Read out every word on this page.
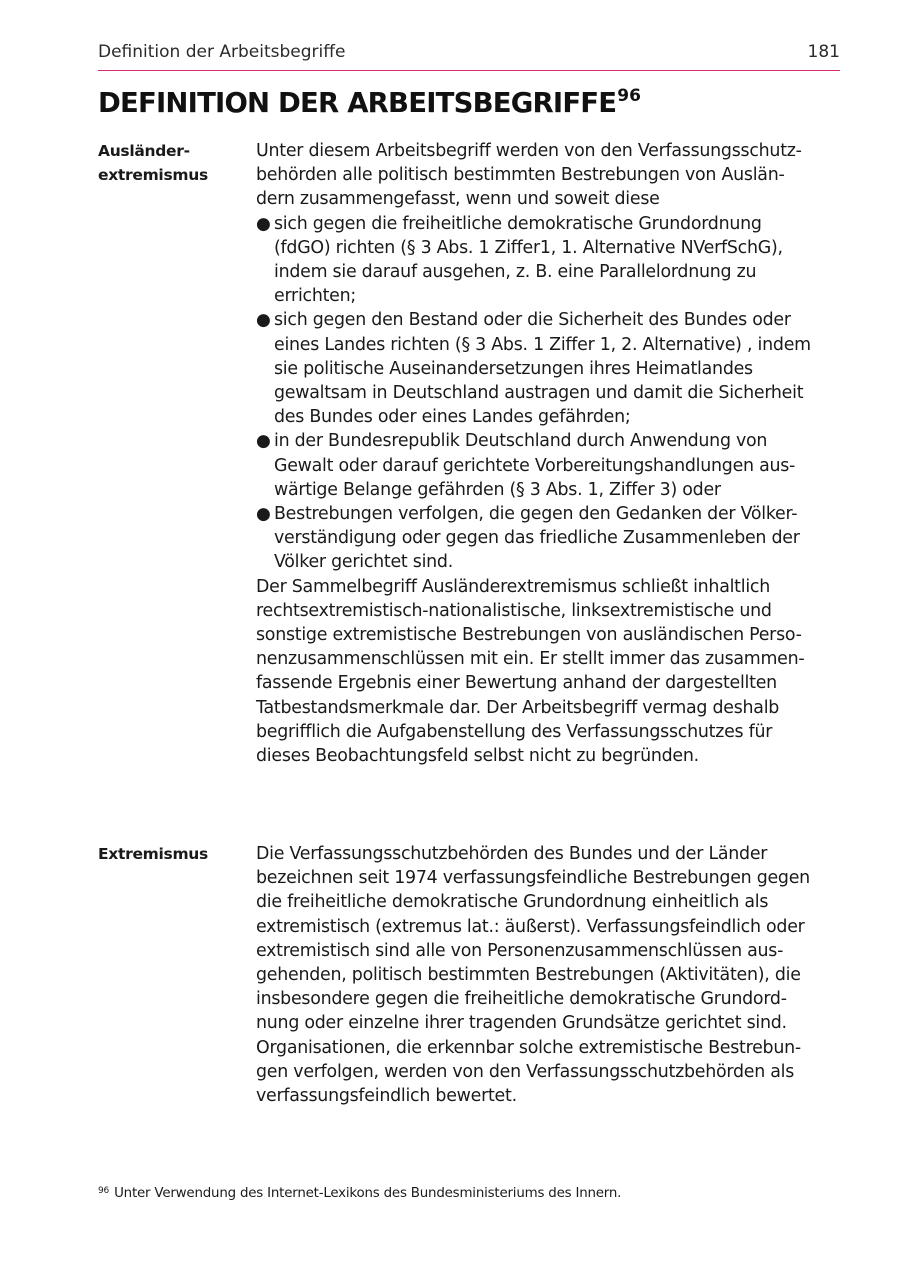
Definition der Arbeitsbegriffe	181
DEFINITION DER ARBEITSBEGRIFFE$^{96}$
Ausländer-
extremismus
Unter diesem Arbeitsbegriff werden von den Verfassungsschutz-
behörden alle politisch bestimmten Bestrebungen von Auslän-
dern zusammengefasst, wenn und soweit diese
● sich gegen die freiheitliche demokratische Grundordnung
(fdGO) richten (§ 3 Abs. 1 Ziffer1, 1. Alternative NVerfSchG),
indem sie darauf ausgehen, z. B. eine Parallelordnung zu
errichten;
● sich gegen den Bestand oder die Sicherheit des Bundes oder
eines Landes richten (§ 3 Abs. 1 Ziffer 1, 2. Alternative) , indem
sie politische Auseinandersetzungen ihres Heimatlandes
gewaltsam in Deutschland austragen und damit die Sicherheit
des Bundes oder eines Landes gefährden;
● in der Bundesrepublik Deutschland durch Anwendung von
Gewalt oder darauf gerichtete Vorbereitungshandlungen aus-
wärtige Belange gefährden (§ 3 Abs. 1, Ziffer 3) oder
● Bestrebungen verfolgen, die gegen den Gedanken der Völker-
verständigung oder gegen das friedliche Zusammenleben der
Völker gerichtet sind.
Der Sammelbegriff Ausländerextremismus schließt inhaltlich
rechtsextremistisch-nationalistische, linksextremistische und
sonstige extremistische Bestrebungen von ausländischen Perso-
nenzusammenschlüssen mit ein. Er stellt immer das zusammen-
fassende Ergebnis einer Bewertung anhand der dargestellten
Tatbestandsmerkmale dar. Der Arbeitsbegriff vermag deshalb
begrifflich die Aufgabenstellung des Verfassungsschutzes für
dieses Beobachtungsfeld selbst nicht zu begründen.
Extremismus	Die Verfassungsschutzbehörden des Bundes und der Länder
bezeichnen seit 1974 verfassungsfeindliche Bestrebungen gegen
die freiheitliche demokratische Grundordnung einheitlich als
extremistisch (extremus lat.: äußerst). Verfassungsfeindlich oder
extremistisch sind alle von Personenzusammenschlüssen aus-
gehenden, politisch bestimmten Bestrebungen (Aktivitäten), die
insbesondere gegen die freiheitliche demokratische Grundord-
nung oder einzelne ihrer tragenden Grundsätze gerichtet sind.
Organisationen, die erkennbar solche extremistische Bestrebun-
gen verfolgen, werden von den Verfassungsschutzbehörden als
verfassungsfeindlich bewertet.
$^{96}$ Unter Verwendung des Internet-Lexikons des Bundesministeriums des Innern.
